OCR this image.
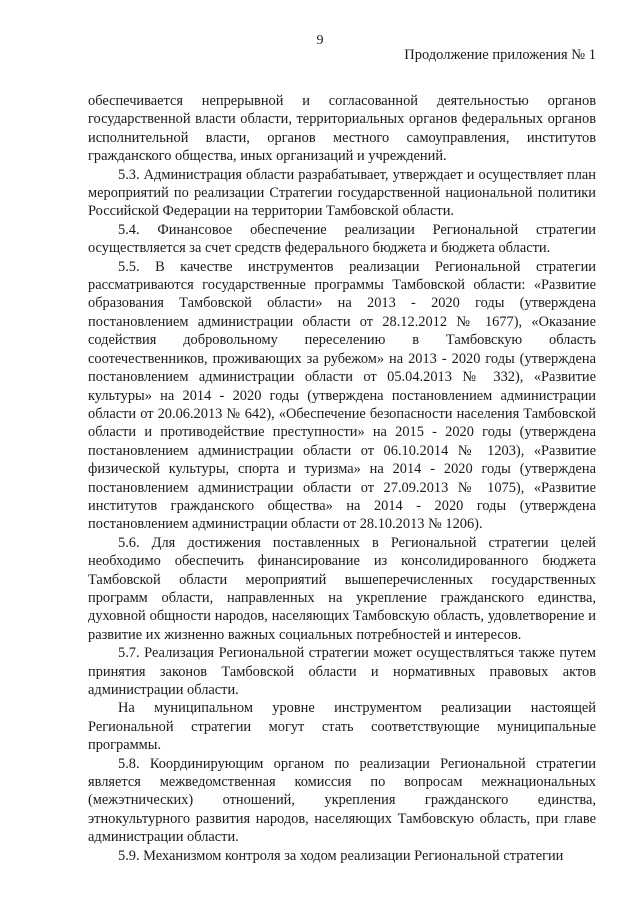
9
Продолжение приложения № 1

обеспечивается непрерывной и согласованной деятельностью органов государственной власти области, территориальных органов федеральных органов исполнительной власти, органов местного самоуправления, институтов гражданского общества, иных организаций и учреждений.

5.3. Администрация области разрабатывает, утверждает и осуществляет план мероприятий по реализации Стратегии государственной национальной политики Российской Федерации на территории Тамбовской области.

5.4. Финансовое обеспечение реализации Региональной стратегии осуществляется за счет средств федерального бюджета и бюджета области.

5.5. В качестве инструментов реализации Региональной стратегии рассматриваются государственные программы Тамбовской области: «Развитие образования Тамбовской области» на 2013 - 2020 годы (утверждена постановлением администрации области от 28.12.2012 № 1677), «Оказание содействия добровольному переселению в Тамбовскую область соотечественников, проживающих за рубежом» на 2013 - 2020 годы (утверждена постановлением администрации области от 05.04.2013 № 332), «Развитие культуры» на 2014 - 2020 годы (утверждена постановлением администрации области от 20.06.2013 № 642), «Обеспечение безопасности населения Тамбовской области и противодействие преступности» на 2015 - 2020 годы (утверждена постановлением администрации области от 06.10.2014 № 1203), «Развитие физической культуры, спорта и туризма» на 2014 - 2020 годы (утверждена постановлением администрации области от 27.09.2013 № 1075), «Развитие институтов гражданского общества» на 2014 - 2020 годы (утверждена постановлением администрации области от 28.10.2013 № 1206).

5.6. Для достижения поставленных в Региональной стратегии целей необходимо обеспечить финансирование из консолидированного бюджета Тамбовской области мероприятий вышеперечисленных государственных программ области, направленных на укрепление гражданского единства, духовной общности народов, населяющих Тамбовскую область, удовлетворение и развитие их жизненно важных социальных потребностей и интересов.

5.7. Реализация Региональной стратегии может осуществляться также путем принятия законов Тамбовской области и нормативных правовых актов администрации области.

На муниципальном уровне инструментом реализации настоящей Региональной стратегии могут стать соответствующие муниципальные программы.

5.8. Координирующим органом по реализации Региональной стратегии является межведомственная комиссия по вопросам межнациональных (межэтнических) отношений, укрепления гражданского единства, этнокультурного развития народов, населяющих Тамбовскую область, при главе администрации области.

5.9. Механизмом контроля за ходом реализации Региональной стратегии
